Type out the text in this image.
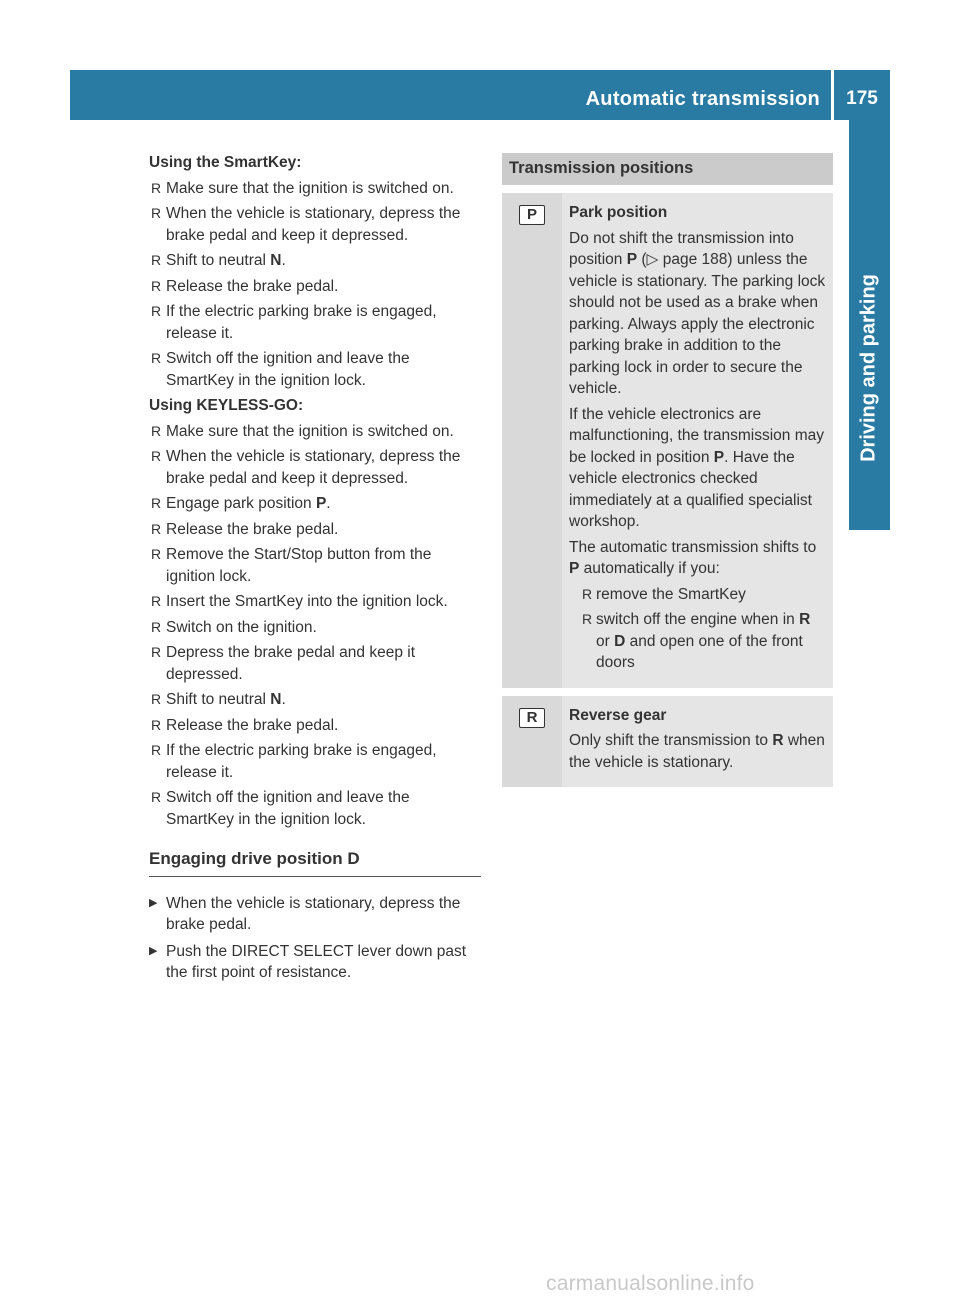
Automatic transmission	175
Driving and parking
Using the SmartKey:
R Make sure that the ignition is switched on.
R When the vehicle is stationary, depress the brake pedal and keep it depressed.
R Shift to neutral N.
R Release the brake pedal.
R If the electric parking brake is engaged, release it.
R Switch off the ignition and leave the SmartKey in the ignition lock.
Using KEYLESS-GO:
R Make sure that the ignition is switched on.
R When the vehicle is stationary, depress the brake pedal and keep it depressed.
R Engage park position P.
R Release the brake pedal.
R Remove the Start/Stop button from the ignition lock.
R Insert the SmartKey into the ignition lock.
R Switch on the ignition.
R Depress the brake pedal and keep it depressed.
R Shift to neutral N.
R Release the brake pedal.
R If the electric parking brake is engaged, release it.
R Switch off the ignition and leave the SmartKey in the ignition lock.
Engaging drive position D
▶ When the vehicle is stationary, depress the brake pedal.
▶ Push the DIRECT SELECT lever down past the first point of resistance.
Transmission positions
P	Park position

Do not shift the transmission into position P (▷ page 188) unless the vehicle is stationary. The parking lock should not be used as a brake when parking. Always apply the electronic parking brake in addition to the parking lock in order to secure the vehicle.

If the vehicle electronics are malfunctioning, the transmission may be locked in position P. Have the vehicle electronics checked immediately at a qualified specialist workshop.

The automatic transmission shifts to P automatically if you:

R remove the SmartKey
R switch off the engine when in R or D and open one of the front doors
R	Reverse gear

Only shift the transmission to R when the vehicle is stationary.

carmanualsonline.info
